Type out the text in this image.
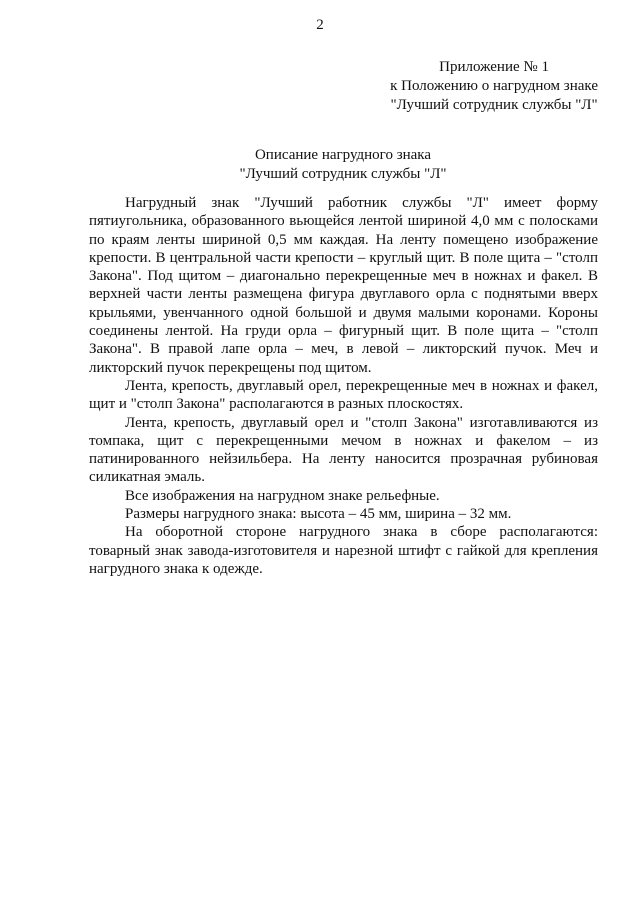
2
Приложение № 1
к Положению о нагрудном знаке
"Лучший сотрудник службы "Л"
Описание нагрудного знака
"Лучший сотрудник службы "Л"

Нагрудный знак "Лучший работник службы "Л" имеет форму пятиугольника, образованного вьющейся лентой шириной 4,0 мм с полосками по краям ленты шириной 0,5 мм каждая. На ленту помещено изображение крепости. В центральной части крепости – круглый щит. В поле щита – "столп Закона". Под щитом – диагонально перекрещенные меч в ножнах и факел. В верхней части ленты размещена фигура двуглавого орла с поднятыми вверх крыльями, увенчанного одной большой и двумя малыми коронами. Короны соединены лентой. На груди орла – фигурный щит. В поле щита – "столп Закона". В правой лапе орла – меч, в левой – ликторский пучок. Меч и ликторский пучок перекрещены под щитом.

Лента, крепость, двуглавый орел, перекрещенные меч в ножнах и факел, щит и "столп Закона" располагаются в разных плоскостях.

Лента, крепость, двуглавый орел и "столп Закона" изготавливаются из томпака, щит с перекрещенными мечом в ножнах и факелом – из патинированного нейзильбера. На ленту наносится прозрачная рубиновая силикатная эмаль.

Все изображения на нагрудном знаке рельефные.

Размеры нагрудного знака: высота – 45 мм, ширина – 32 мм.

На оборотной стороне нагрудного знака в сборе располагаются: товарный знак завода-изготовителя и нарезной штифт с гайкой для крепления нагрудного знака к одежде.
